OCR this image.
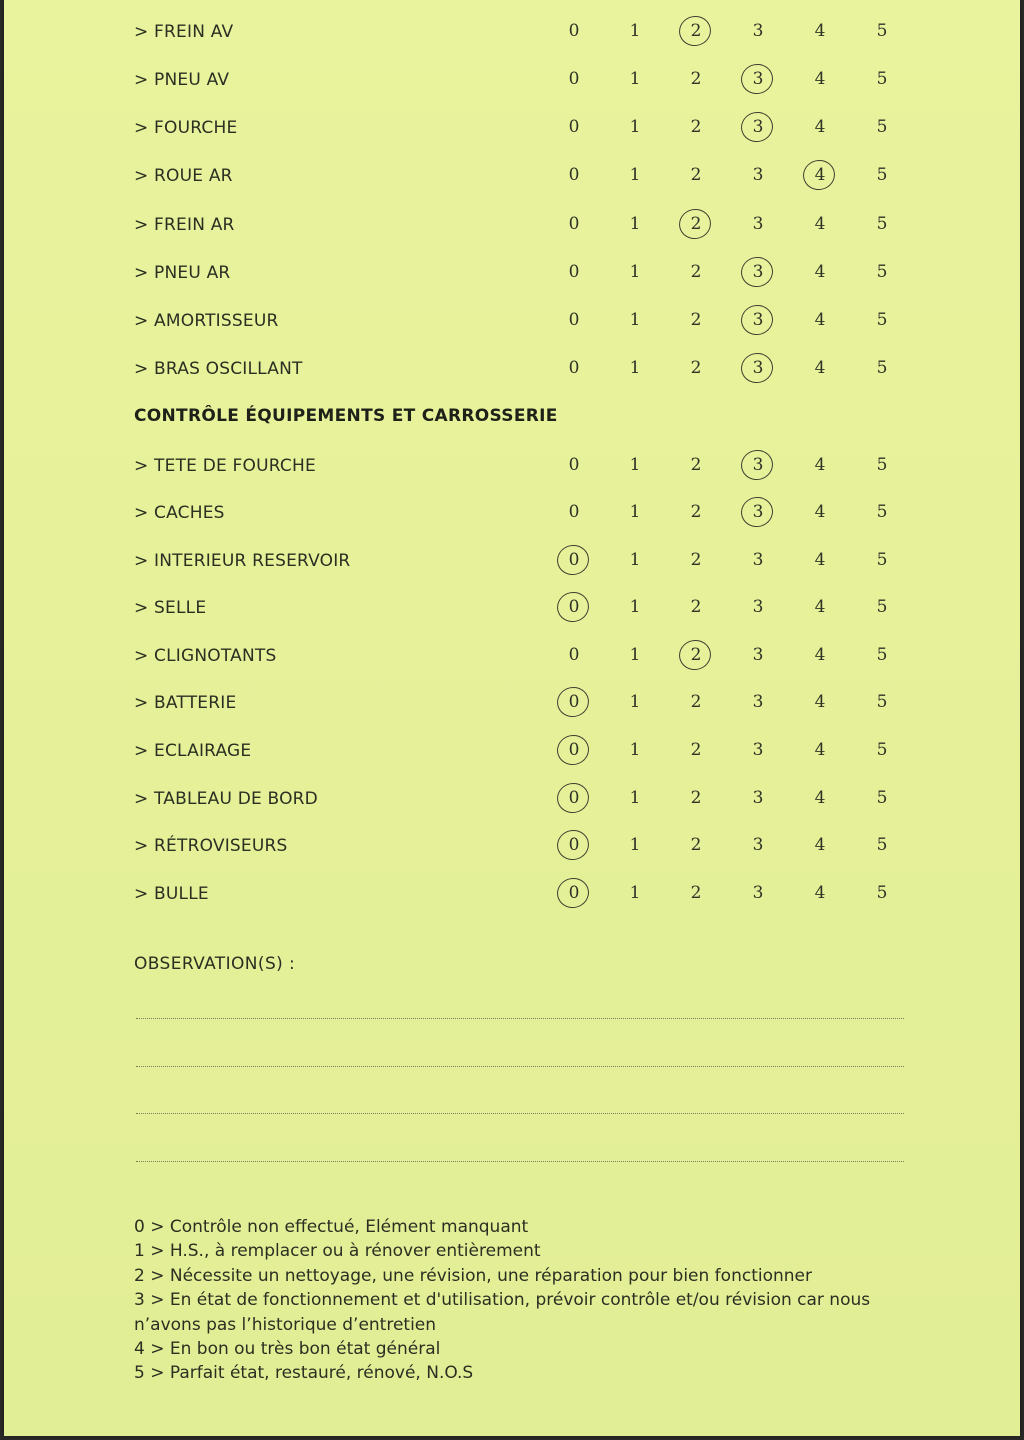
> FREIN AV	0	1	2	3	4	5
> PNEU AV	0	1	2	3	4	5
> FOURCHE	0	1	2	3	4	5
> ROUE AR	0	1	2	3	4	5
> FREIN AR	0	1	2	3	4	5
> PNEU AR	0	1	2	3	4	5
> AMORTISSEUR	0	1	2	3	4	5
> BRAS OSCILLANT	0	1	2	3	4	5
CONTRÔLE ÉQUIPEMENTS ET CARROSSERIE
> TETE DE FOURCHE	0	1	2	3	4	5
> CACHES	0	1	2	3	4	5
> INTERIEUR RESERVOIR	0	1	2	3	4	5
> SELLE	0	1	2	3	4	5
> CLIGNOTANTS	0	1	2	3	4	5
> BATTERIE	0	1	2	3	4	5
> ECLAIRAGE	0	1	2	3	4	5
> TABLEAU DE BORD	0	1	2	3	4	5
> RÉTROVISEURS	0	1	2	3	4	5
> BULLE	0	1	2	3	4	5
OBSERVATION(S) :
0 > Contrôle non effectué, Elément manquant
1 > H.S., à remplacer ou à rénover entièrement
2 > Nécessite un nettoyage, une révision, une réparation pour bien fonctionner
3 > En état de fonctionnement et d'utilisation, prévoir contrôle et/ou révision car nous
n’avons pas l’historique d’entretien
4 > En bon ou très bon état général
5 > Parfait état, restauré, rénové, N.O.S
